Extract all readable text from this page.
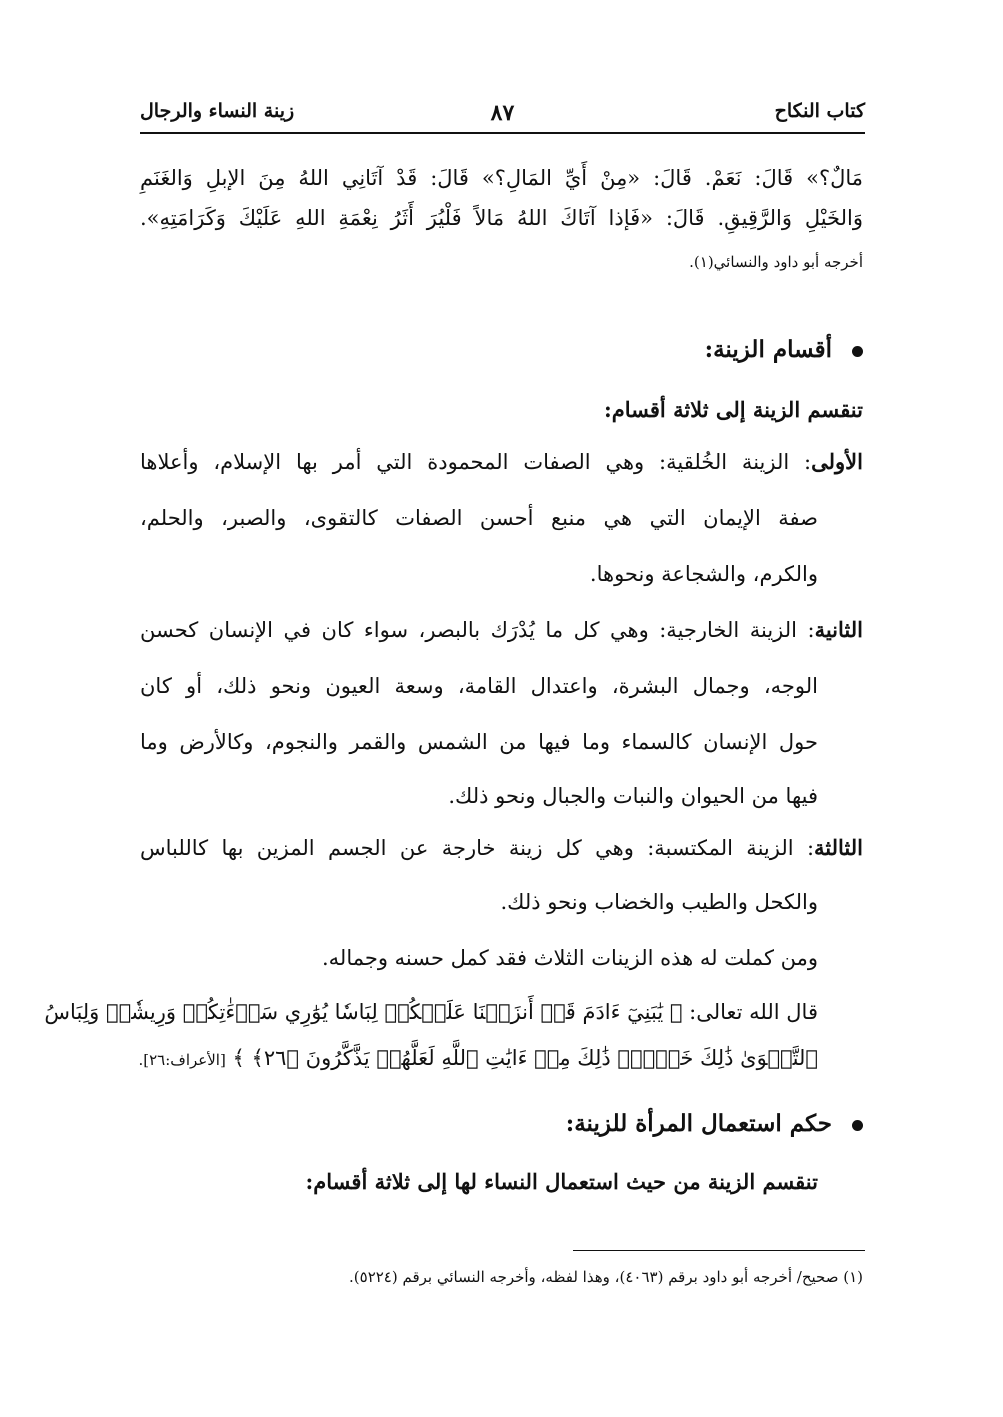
كتاب النكاح
٨٧
زينة النساء والرجال
مَالٌ؟» قَالَ: نَعَمْ. قَالَ: «مِنْ أَيِّ المَالِ؟» قَالَ: قَدْ آتَانِي اللهُ مِنَ الإبلِ وَالغَنَمِ
وَالخَيْلِ وَالرَّقِيقِ. قَالَ: «فَإذا آتَاكَ اللهُ مَالاً فَلْيُرَ أَثَرُ نِعْمَةِ اللهِ عَلَيْكَ وَكَرَامَتِهِ».
أخرجه أبو داود والنسائي(١).
أقسام الزينة:
تنقسم الزينة إلى ثلاثة أقسام:
الأولى: الزينة الخُلقية: وهي الصفات المحمودة التي أمر بها الإسلام، وأعلاها
صفة الإيمان التي هي منبع أحسن الصفات كالتقوى، والصبر، والحلم،
والكرم، والشجاعة ونحوها.
الثانية: الزينة الخارجية: وهي كل ما يُدْرَك بالبصر، سواء كان في الإنسان كحسن
الوجه، وجمال البشرة، واعتدال القامة، وسعة العيون ونحو ذلك، أو كان
حول الإنسان كالسماء وما فيها من الشمس والقمر والنجوم، وكالأرض وما
فيها من الحيوان والنبات والجبال ونحو ذلك.
الثالثة: الزينة المكتسبة: وهي كل زينة خارجة عن الجسم المزين بها كاللباس
والكحل والطيب والخضاب ونحو ذلك.
ومن كملت له هذه الزينات الثلاث فقد كمل حسنه وجماله.
قال الله تعالى: ﴿ يَٰبَنِيٓ ءَادَمَ قَدۡ أَنزَلۡنَا عَلَيۡكُمۡ لِبَاسٗا يُوَٰرِي سَوۡءَٰتِكُمۡ وَرِيشٗاۖ وَلِبَاسُ
ٱلتَّقۡوَىٰ ذَٰلِكَ خَيۡرٞۚ ذَٰلِكَ مِنۡ ءَايَٰتِ ٱللَّهِ لَعَلَّهُمۡ يَذَّكَّرُونَ ﴿٢٦﴾ ﴾ [الأعراف:٢٦].
حكم استعمال المرأة للزينة:
تنقسم الزينة من حيث استعمال النساء لها إلى ثلاثة أقسام:
(١) صحيح/ أخرجه أبو داود برقم (٤٠٦٣)، وهذا لفظه، وأخرجه النسائي برقم (٥٢٢٤).
